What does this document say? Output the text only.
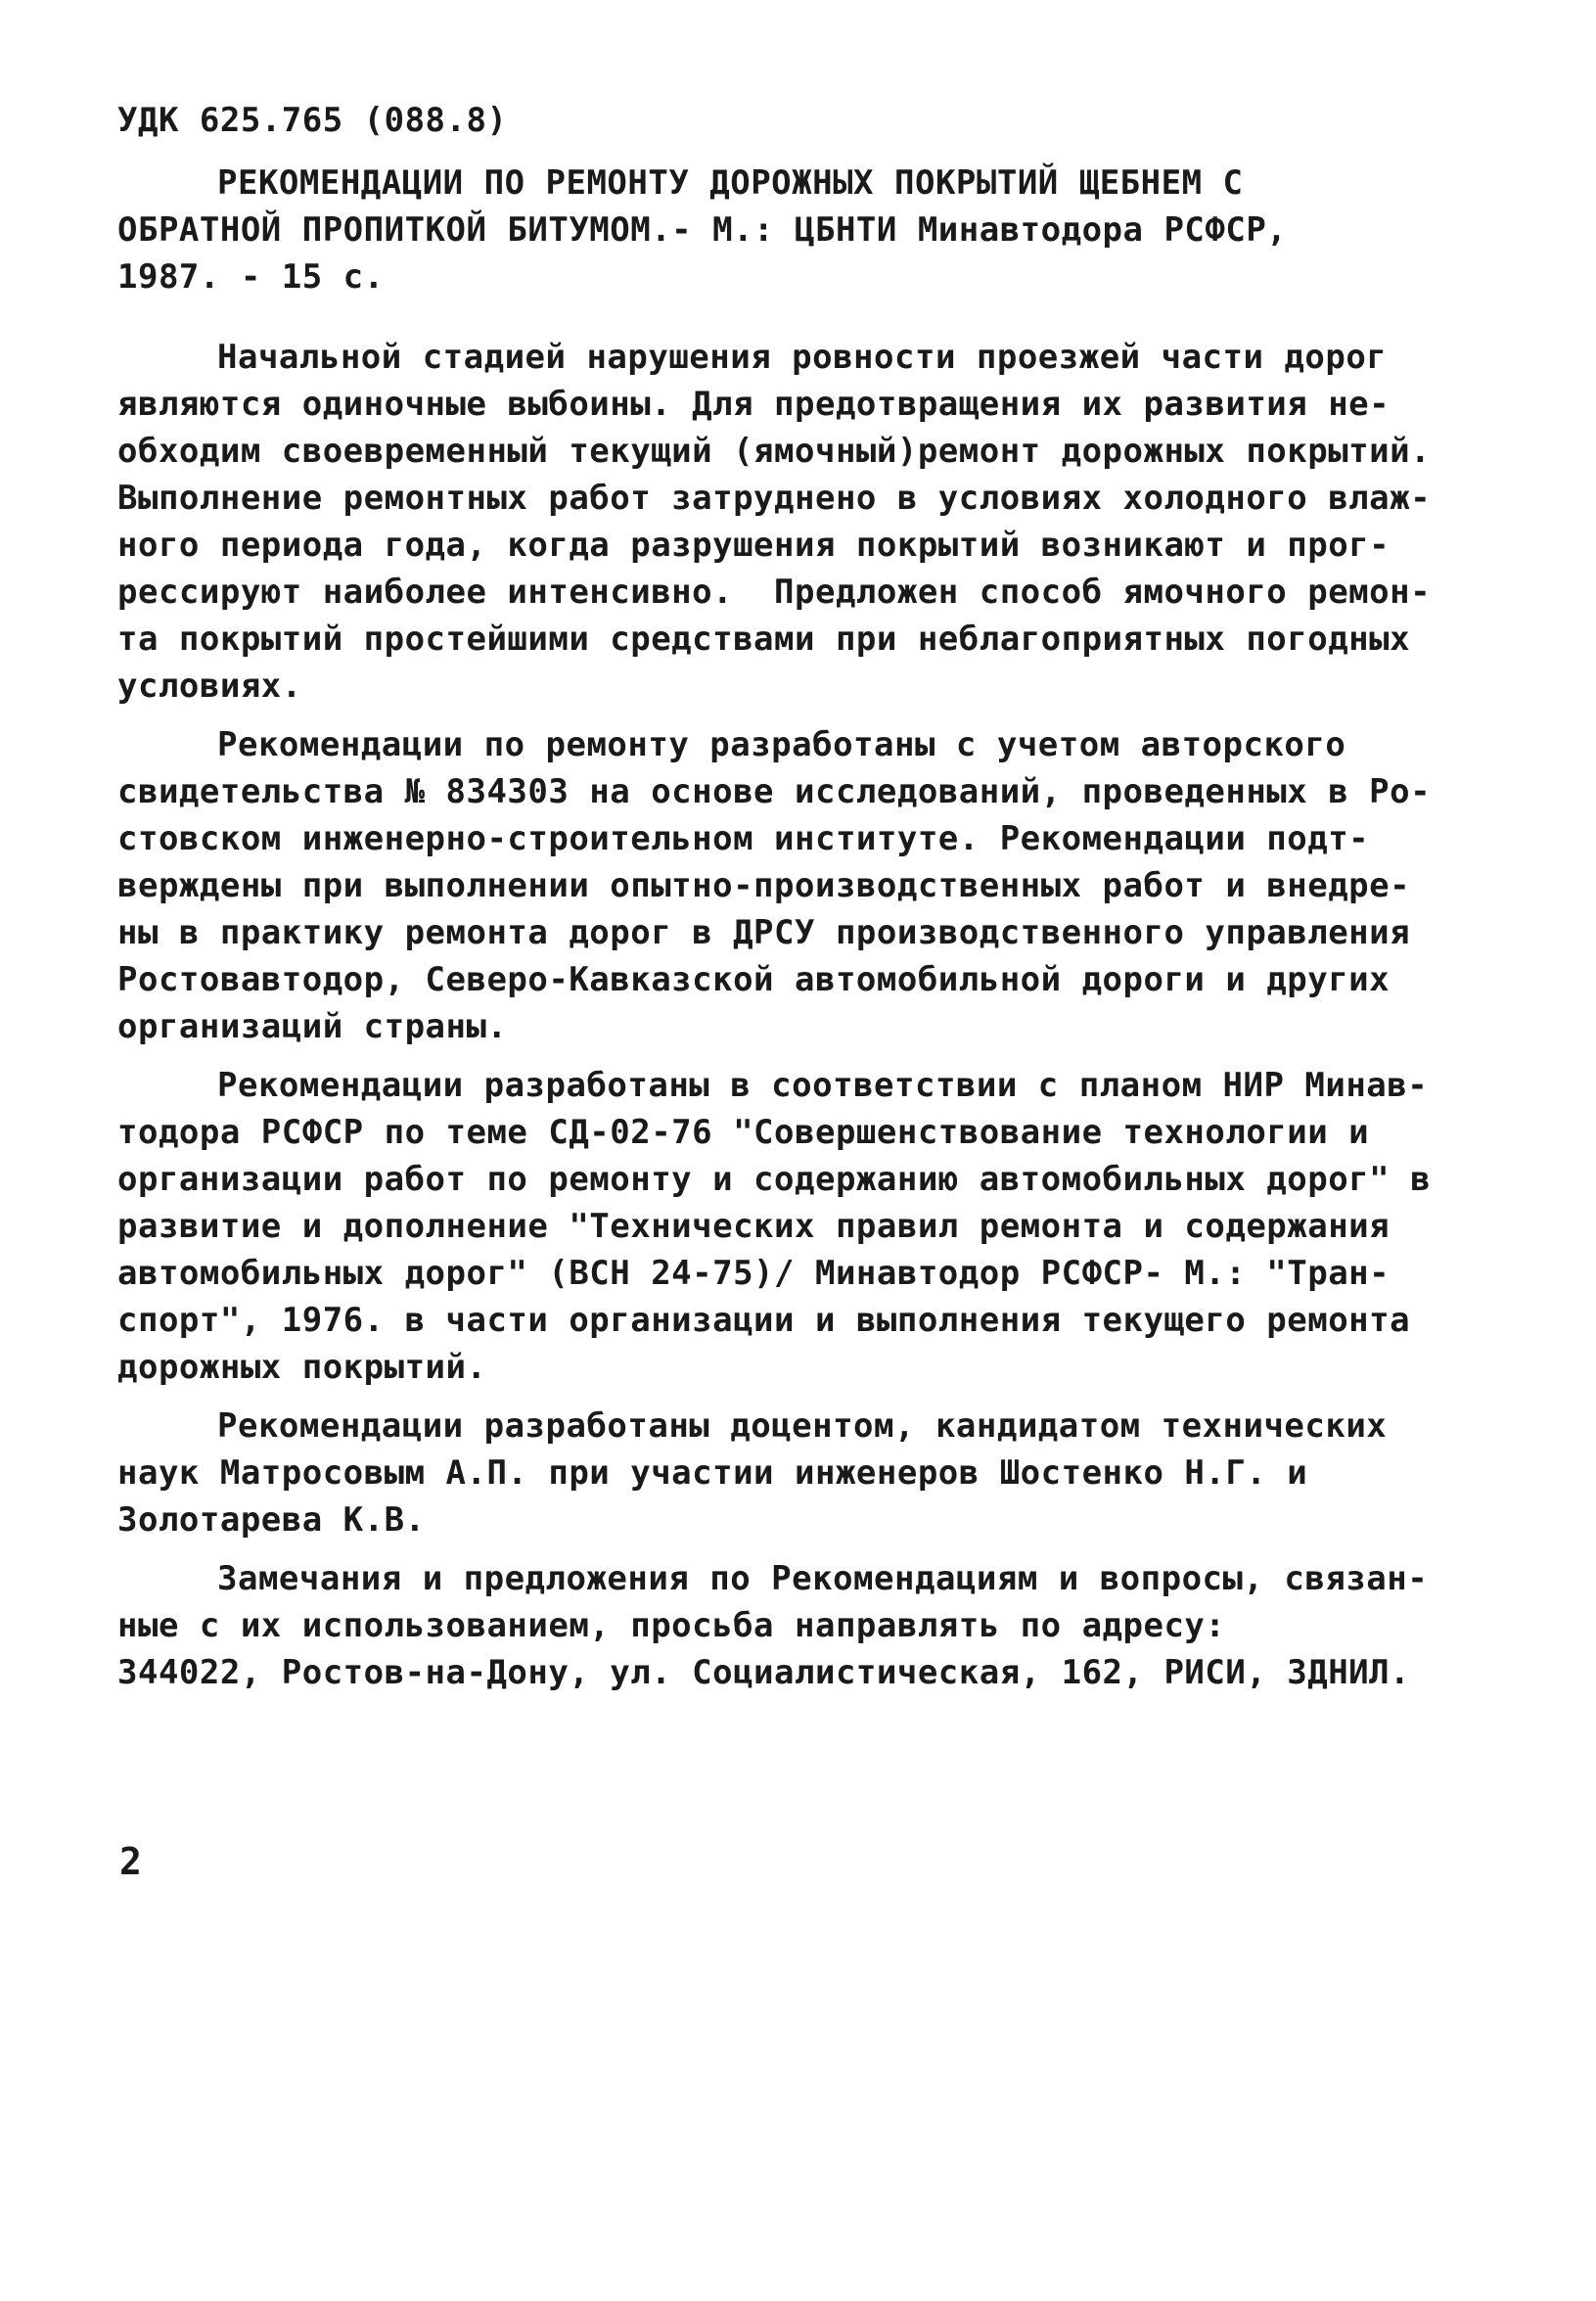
УДК 625.765 (088.8)
РЕКОМЕНДАЦИИ ПО РЕМОНТУ ДОРОЖНЫХ ПОКРЫТИЙ ЩЕБНЕМ С
ОБРАТНОЙ ПРОПИТКОЙ БИТУМОМ.- М.: ЦБНТИ Минавтодора РСФСР,
1987. - 15 с.
Начальной стадией нарушения ровности проезжей части дорог
являются одиночные выбоины. Для предотвращения их развития не-
обходим своевременный текущий (ямочный)ремонт дорожных покрытий.
Выполнение ремонтных работ затруднено в условиях холодного влаж-
ного периода года, когда разрушения покрытий возникают и прог-
рессируют наиболее интенсивно.  Предложен способ ямочного ремон-
та покрытий простейшими средствами при неблагоприятных погодных
условиях.
Рекомендации по ремонту разработаны с учетом авторского
свидетельства № 834303 на основе исследований, проведенных в Ро-
стовском инженерно-строительном институте. Рекомендации подт-
верждены при выполнении опытно-производственных работ и внедре-
ны в практику ремонта дорог в ДРСУ производственного управления
Ростовавтодор, Северо-Кавказской автомобильной дороги и других
организаций страны.
Рекомендации разработаны в соответствии с планом НИР Минав-
тодора РСФСР по теме СД-02-76 "Совершенствование технологии и
организации работ по ремонту и содержанию автомобильных дорог" в
развитие и дополнение "Технических правил ремонта и содержания
автомобильных дорог" (ВСН 24-75)/ Минавтодор РСФСР- М.: "Тран-
спорт", 1976. в части организации и выполнения текущего ремонта
дорожных покрытий.
Рекомендации разработаны доцентом, кандидатом технических
наук Матросовым А.П. при участии инженеров Шостенко Н.Г. и
Золотарева К.В.
Замечания и предложения по Рекомендациям и вопросы, связан-
ные с их использованием, просьба направлять по адресу:
344022, Ростов-на-Дону, ул. Социалистическая, 162, РИСИ, ЗДНИЛ.
2
